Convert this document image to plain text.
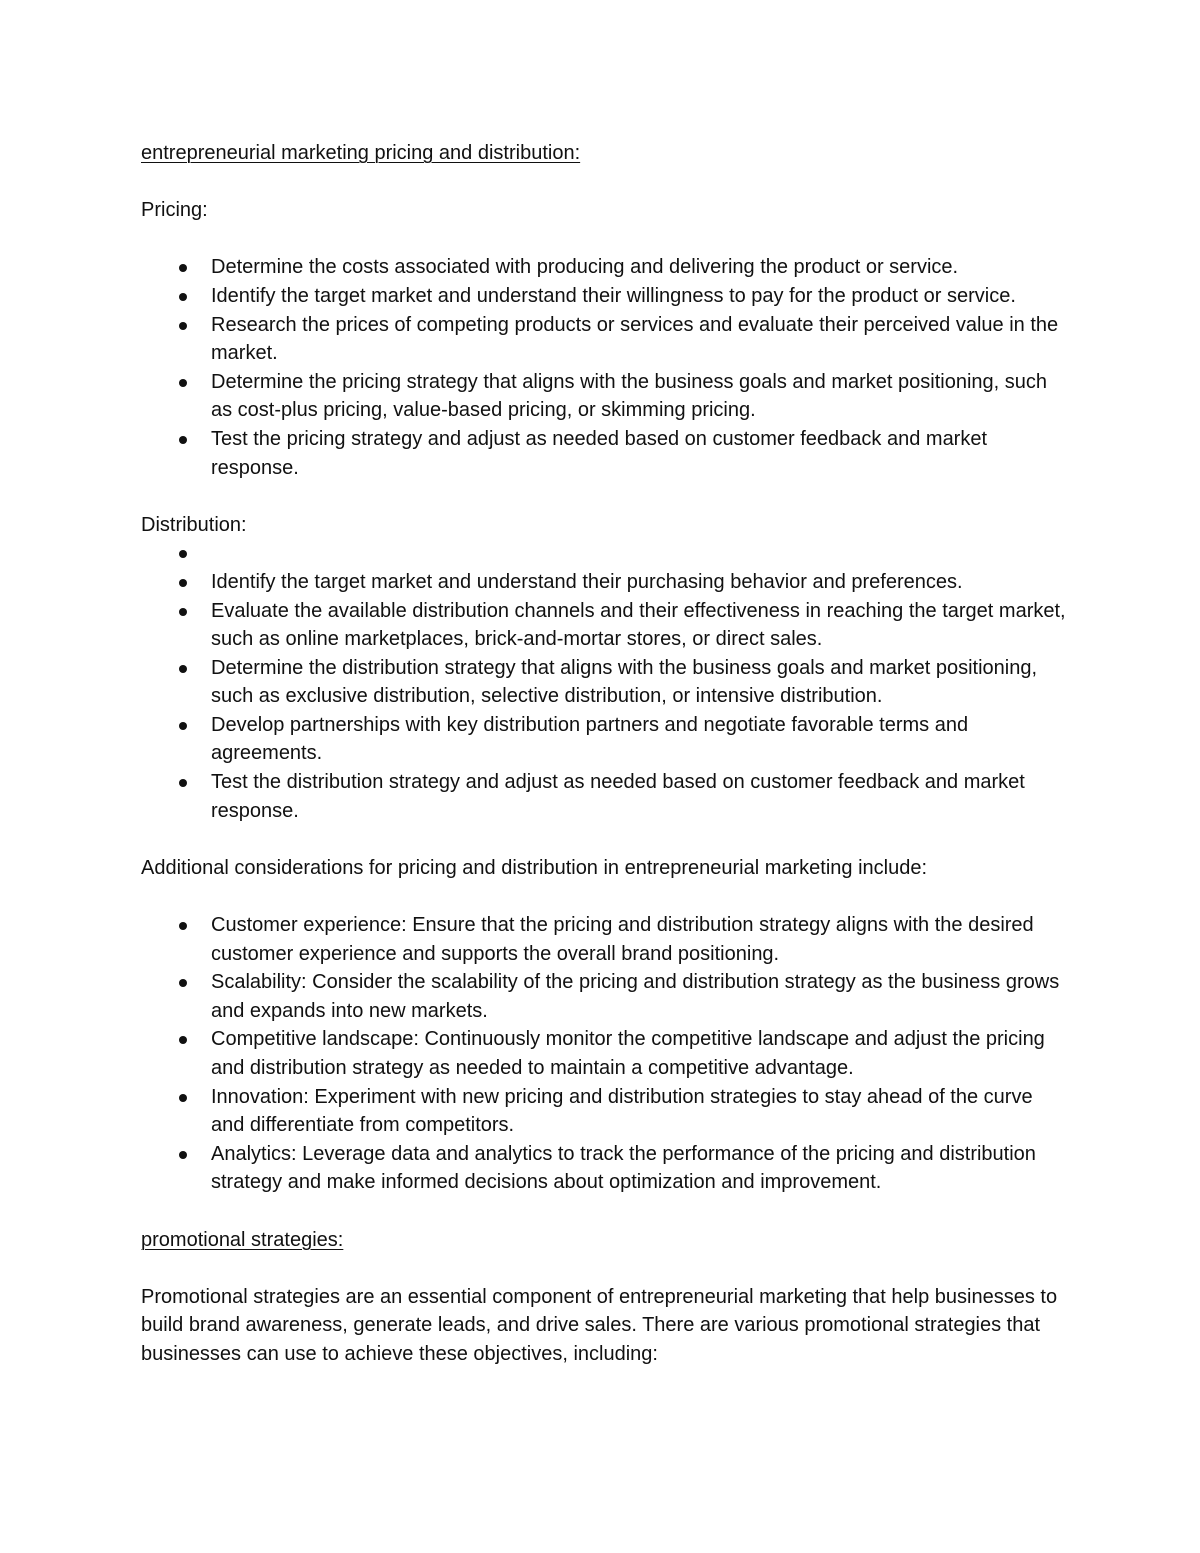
entrepreneurial marketing pricing and distribution:

Pricing:

Determine the costs associated with producing and delivering the product or service.
Identify the target market and understand their willingness to pay for the product or service.
Research the prices of competing products or services and evaluate their perceived value in the market.
Determine the pricing strategy that aligns with the business goals and market positioning, such as cost-plus pricing, value-based pricing, or skimming pricing.
Test the pricing strategy and adjust as needed based on customer feedback and market response.

Distribution:

Identify the target market and understand their purchasing behavior and preferences.
Evaluate the available distribution channels and their effectiveness in reaching the target market, such as online marketplaces, brick-and-mortar stores, or direct sales.
Determine the distribution strategy that aligns with the business goals and market positioning, such as exclusive distribution, selective distribution, or intensive distribution.
Develop partnerships with key distribution partners and negotiate favorable terms and agreements.
Test the distribution strategy and adjust as needed based on customer feedback and market response.

Additional considerations for pricing and distribution in entrepreneurial marketing include:

Customer experience: Ensure that the pricing and distribution strategy aligns with the desired customer experience and supports the overall brand positioning.
Scalability: Consider the scalability of the pricing and distribution strategy as the business grows and expands into new markets.
Competitive landscape: Continuously monitor the competitive landscape and adjust the pricing and distribution strategy as needed to maintain a competitive advantage.
Innovation: Experiment with new pricing and distribution strategies to stay ahead of the curve and differentiate from competitors.
Analytics: Leverage data and analytics to track the performance of the pricing and distribution strategy and make informed decisions about optimization and improvement.

promotional strategies:

Promotional strategies are an essential component of entrepreneurial marketing that help businesses to build brand awareness, generate leads, and drive sales. There are various promotional strategies that businesses can use to achieve these objectives, including:
